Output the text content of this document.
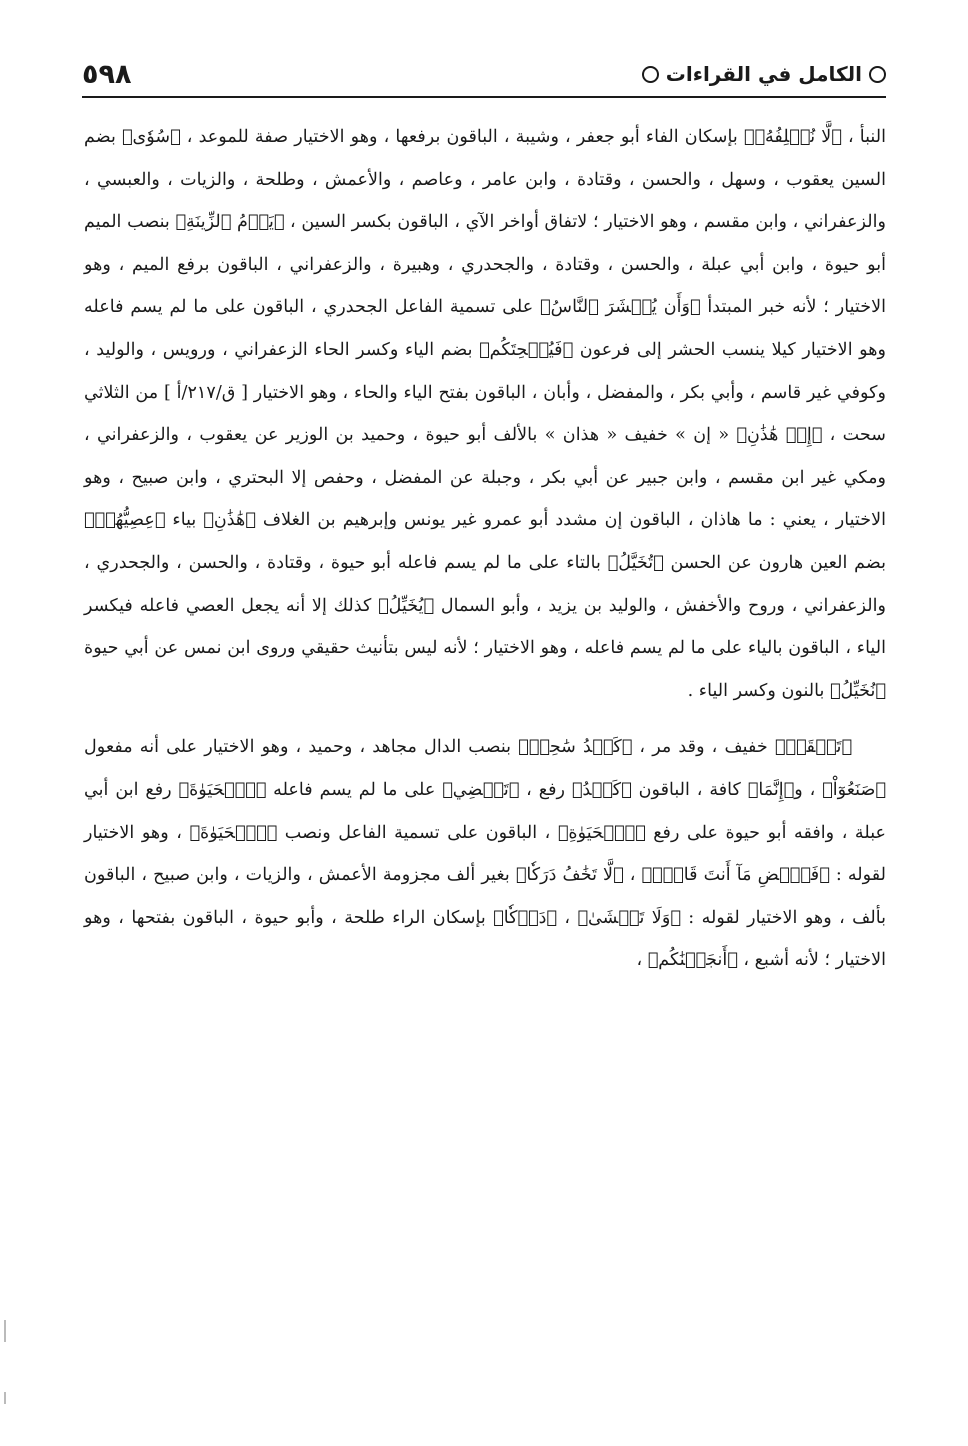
الكامل في القراءات
٥٩٨

النبأ ، ﴿لَّا نُخۡلِفُهُۥ﴾ بإسكان الفاء أبو جعفر ، وشيبة ، الباقون برفعها ، وهو الاختيار صفة للموعد ، ﴿سُوٗى﴾ بضم السين يعقوب ، وسهل ، والحسن ، وقتادة ، وابن عامر ، وعاصم ، والأعمش ، وطلحة ، والزيات ، والعبسي ، والزعفراني ، وابن مقسم ، وهو الاختيار ؛ لاتفاق أواخر الآي ، الباقون بكسر السين ، ﴿يَوۡمُ ٱلزِّينَةِ﴾ بنصب الميم أبو حيوة ، وابن أبي عبلة ، والحسن ، وقتادة ، والجحدري ، وهبيرة ، والزعفراني ، الباقون برفع الميم ، وهو الاختيار ؛ لأنه خبر المبتدأ ﴿وَأَن يُحۡشَرَ ٱلنَّاسُ﴾ على تسمية الفاعل الجحدري ، الباقون على ما لم يسم فاعله وهو الاختيار كيلا ينسب الحشر إلى فرعون ﴿فَيُسۡحِتَكُم﴾ بضم الياء وكسر الحاء الزعفراني ، ورويس ، والوليد ، وكوفي غير قاسم ، وأبي بكر ، والمفضل ، وأبان ، الباقون بفتح الياء والحاء ، وهو الاختيار [ ق/٢١٧/أ ] من الثلاثي سحت ، ﴿إِنۡ هَٰذَٰنِ﴾ « إن » خفيف « هذان » بالألف أبو حيوة ، وحميد بن الوزير عن يعقوب ، والزعفراني ، ومكي غير ابن مقسم ، وابن جبير عن أبي بكر ، وجبلة عن المفضل ، وحفص إلا البحتري ، وابن صبيح ، وهو الاختيار ، يعني : ما هاذان ، الباقون إن مشدد أبو عمرو غير يونس وإبرهيم بن الغلاف ﴿هَٰذَٰنِ﴾ بياء ﴿عِصِيُّهُمۡ﴾ بضم العين هارون عن الحسن ﴿تُخَيَّلُ﴾ بالتاء على ما لم يسم فاعله أبو حيوة ، وقتادة ، والحسن ، والجحدري ، والزعفراني ، وروح والأخفش ، والوليد بن يزيد ، وأبو السمال ﴿يُخَيِّلُ﴾ كذلك إلا أنه يجعل العصي فاعله فيكسر الياء ، الباقون بالياء على ما لم يسم فاعله ، وهو الاختيار ؛ لأنه ليس بتأنيث حقيقي وروى ابن نمس عن أبي حيوة ﴿نُخَيِّلُ﴾ بالنون وكسر الياء .

﴿تَلۡقَفۡ﴾ خفيف ، وقد مر ، ﴿كَيۡدُ سَٰحِرٖ﴾ بنصب الدال مجاهد ، وحميد ، وهو الاختيار على أنه مفعول ﴿صَنَعُوٓاْ﴾ ، و﴿إِنَّمَا﴾ كافة ، الباقون ﴿كَيۡدُ﴾ رفع ، ﴿تَقۡضِي﴾ على ما لم يسم فاعله ﴿ٱلۡحَيَوٰةَ﴾ رفع ابن أبي عبلة ، وافقه أبو حيوة على رفع ﴿ٱلۡحَيَوٰةِ﴾ ، الباقون على تسمية الفاعل ونصب ﴿ٱلۡحَيَوٰةَ﴾ ، وهو الاختيار لقوله : ﴿فَٱقۡضِ مَآ أَنتَ قَاضٍۖ﴾ ، ﴿لَّا تَخَٰفُ دَرَكٗا﴾ بغير ألف مجزومة الأعمش ، والزيات ، وابن صبيح ، الباقون بألف ، وهو الاختيار لقوله : ﴿وَلَا تَخۡشَىٰ﴾ ، ﴿دَرۡكٗا﴾ بإسكان الراء طلحة ، وأبو حيوة ، الباقون بفتحها ، وهو الاختيار ؛ لأنه أشبع ، ﴿أَنجَيۡنَٰكُم﴾ ،
